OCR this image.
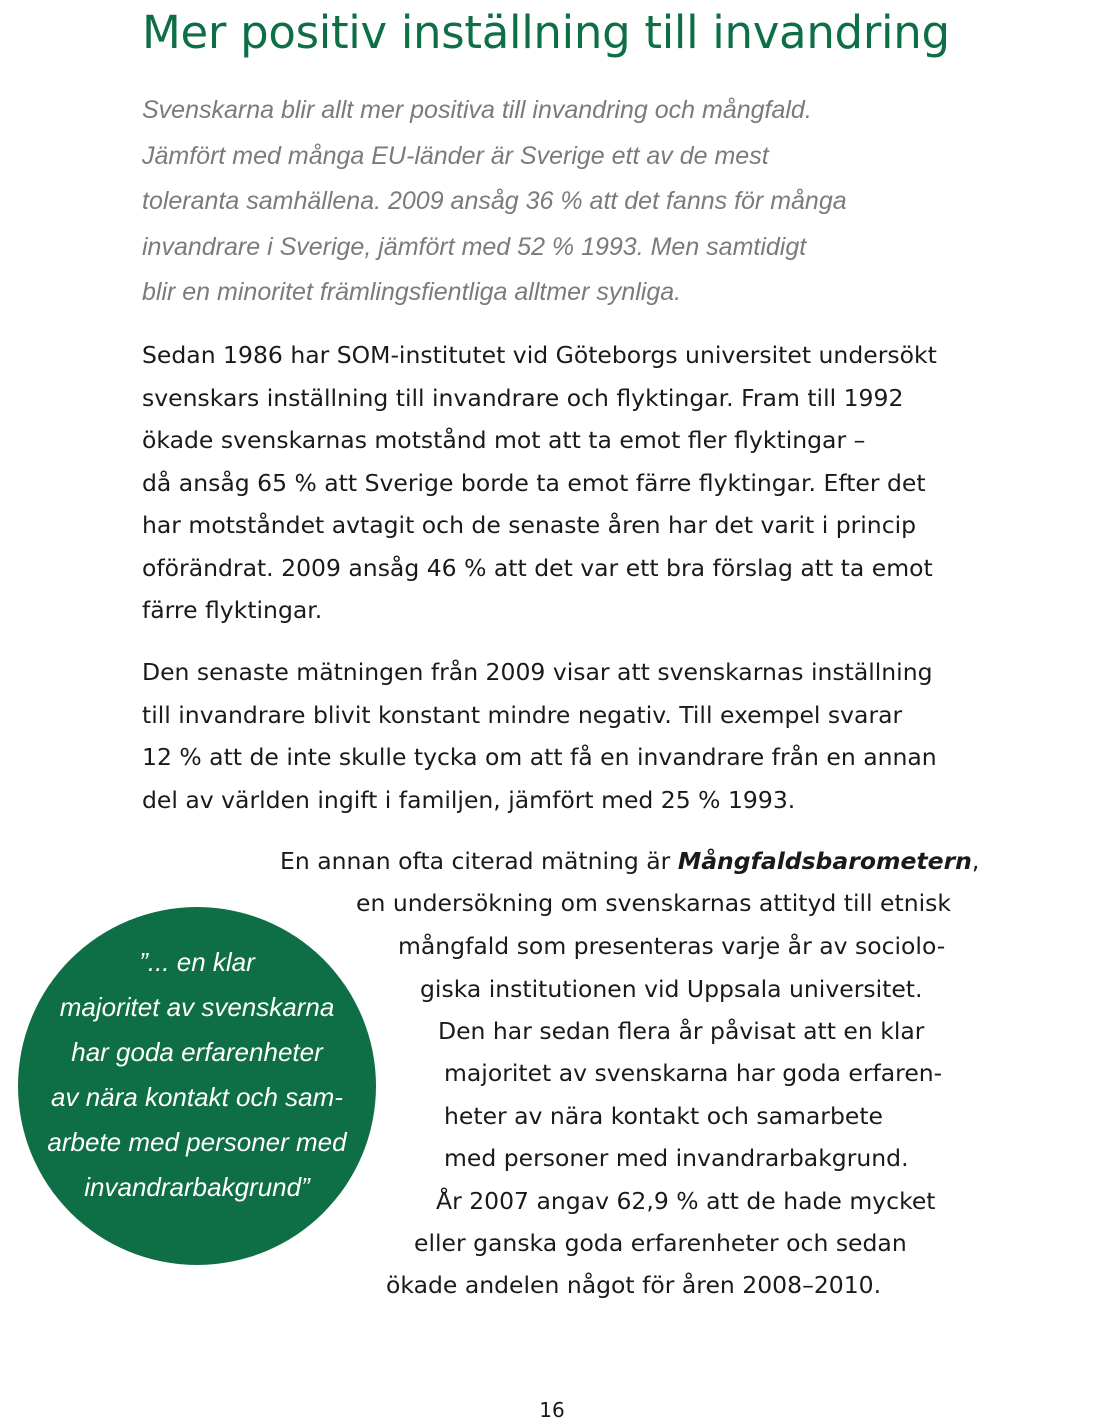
Mer positiv inställning till invandring
Svenskarna blir allt mer positiva till invandring och mångfald.
Jämfört med många EU-länder är Sverige ett av de mest
toleranta samhällena. 2009 ansåg 36 % att det fanns för många
invandrare i Sverige, jämfört med 52 % 1993. Men samtidigt
blir en minoritet främlingsfientliga alltmer synliga.
Sedan 1986 har SOM-institutet vid Göteborgs universitet undersökt
svenskars inställning till invandrare och flyktingar. Fram till 1992
ökade svenskarnas motstånd mot att ta emot fler flyktingar –
då ansåg 65 % att Sverige borde ta emot färre flyktingar. Efter det
har motståndet avtagit och de senaste åren har det varit i princip
oförändrat. 2009 ansåg 46 % att det var ett bra förslag att ta emot
färre flyktingar.
Den senaste mätningen från 2009 visar att svenskarnas inställning
till invandrare blivit konstant mindre negativ. Till exempel svarar
12 % att de inte skulle tycka om att få en invandrare från en annan
del av världen ingift i familjen, jämfört med 25 % 1993.
En annan ofta citerad mätning är Mångfaldsbarometern,
en undersökning om svenskarnas attityd till etnisk
mångfald som presenteras varje år av sociolo-
giska institutionen vid Uppsala universitet.
Den har sedan flera år påvisat att en klar
majoritet av svenskarna har goda erfaren-
heter av nära kontakt och samarbete
med personer med invandrarbakgrund.
År 2007 angav 62,9 % att de hade mycket
eller ganska goda erfarenheter och sedan
ökade andelen något för åren 2008–2010.
”... en klar
majoritet av svenskarna
har goda erfarenheter
av nära kontakt och sam-
arbete med personer med
invandrarbakgrund”
16
